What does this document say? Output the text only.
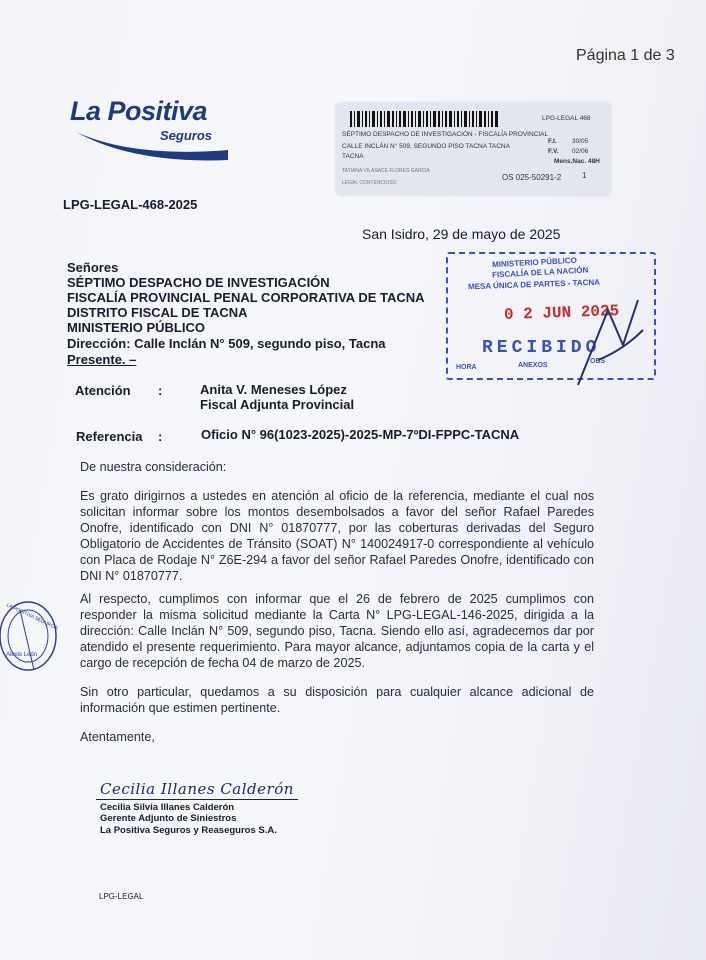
Página 1 de 3
La Positiva
Seguros
LPG-LEGAL 468
SÉPTIMO DESPACHO DE INVESTIGACIÓN - FISCALÍA PROVINCIAL
CALLE INCLÁN N° 509, SEGUNDO PISO TACNA TACNA
TACNA
F.I. 30/05
F.V. 02/06
Mens.Nac. 48H
TATIANA VILASACE FLORES GARCIA
LEGAL CONTENCIOSO
OS 025-50291-2	1
LPG-LEGAL-468-2025
San Isidro, 29 de mayo de 2025
MINISTERIO PÚBLICO
FISCALÍA DE LA NACIÓN
MESA ÚNICA DE PARTES - TACNA
0 2 JUN 2025
RECIBIDO
HORA	ANEXOS
OBS
Señores
SÉPTIMO DESPACHO DE INVESTIGACIÓN
FISCALÍA PROVINCIAL PENAL CORPORATIVA DE TACNA
DISTRITO FISCAL DE TACNA
MINISTERIO PÚBLICO
Dirección: Calle Inclán N° 509, segundo piso, Tacna
Presente. –
Atención :	Anita V. Meneses López
Fiscal Adjunta Provincial
Referencia :	Oficio N° 96(1023-2025)-2025-MP-7ºDI-FPPC-TACNA
De nuestra consideración:
Es grato dirigirnos a ustedes en atención al oficio de la referencia, mediante el cual nos solicitan informar sobre los montos desembolsados a favor del señor Rafael Paredes Onofre, identificado con DNI N° 01870777, por las coberturas derivadas del Seguro Obligatorio de Accidentes de Tránsito (SOAT) N° 140024917-0 correspondiente al vehículo con Placa de Rodaje N° Z6E-294 a favor del señor Rafael Paredes Onofre, identificado con DNI N° 01870777.
Al respecto, cumplimos con informar que el 26 de febrero de 2025 cumplimos con responder la misma solicitud mediante la Carta N° LPG-LEGAL-146-2025, dirigida a la dirección: Calle Inclán N° 509, segundo piso, Tacna. Siendo ello así, agradecemos dar por atendido el presente requerimiento. Para mayor alcance, adjuntamos copia de la carta y el cargo de recepción de fecha 04 de marzo de 2025.
Sin otro particular, quedamos a su disposición para cualquier alcance adicional de información que estimen pertinente.
Atentamente,
LA POSITIVA SEGUROS
Alexis León
Cecilia Illanes Calderón
Cecilia Silvia Illanes Calderón
Gerente Adjunto de Siniestros
La Positiva Seguros y Reaseguros S.A.
LPG-LEGAL
